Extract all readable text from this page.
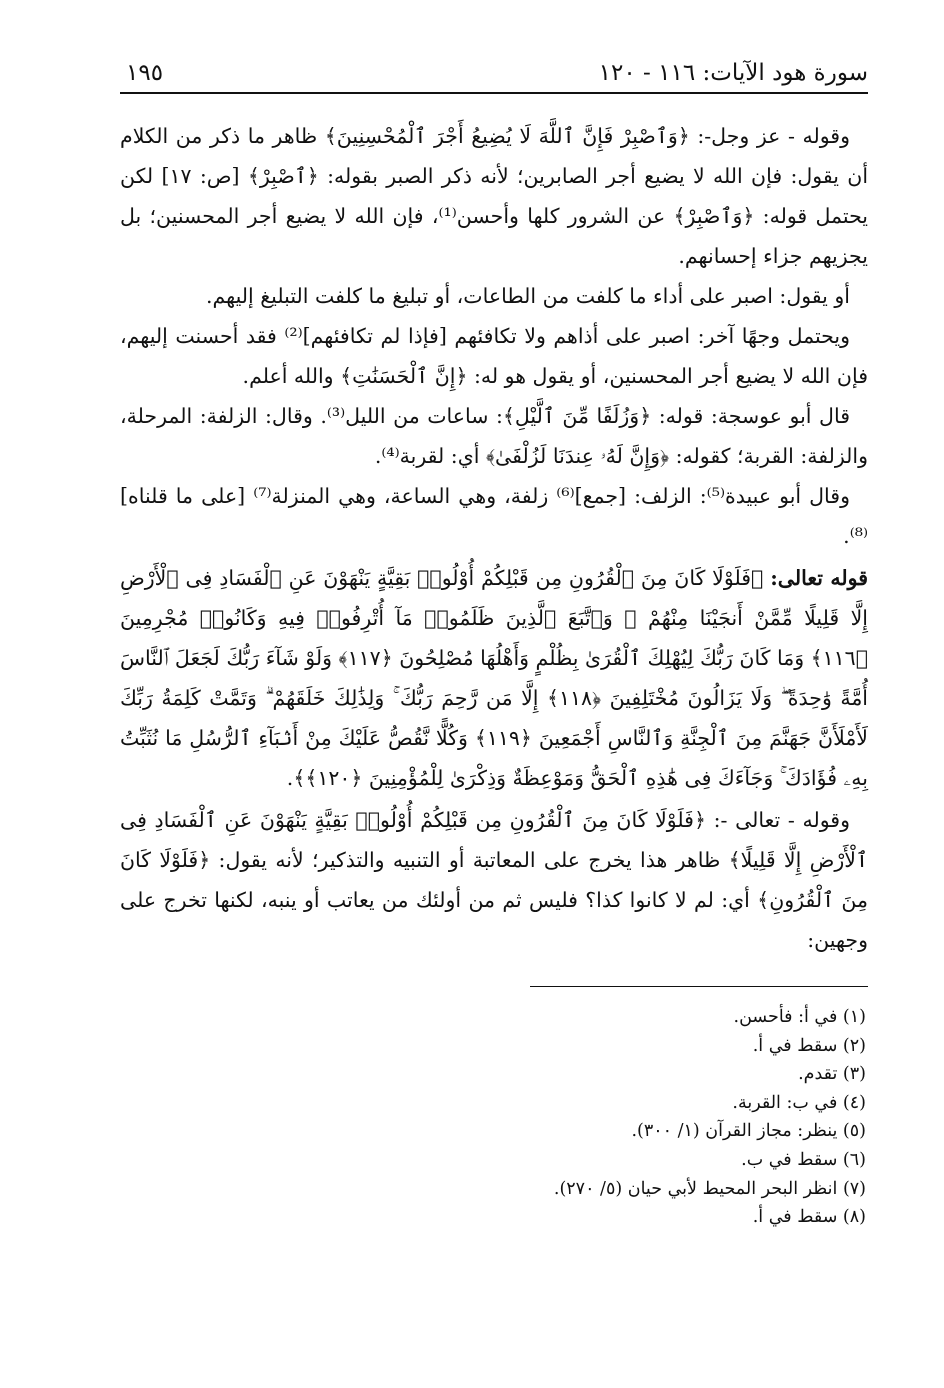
سورة هود الآيات: ١١٦ - ١٢٠
١٩٥

وقوله - عز وجل-: ﴿وَٱصْبِرْ فَإِنَّ ٱللَّهَ لَا يُضِيعُ أَجْرَ ٱلْمُحْسِنِينَ﴾ ظاهر ما ذكر من الكلام أن يقول: فإن الله لا يضيع أجر الصابرين؛ لأنه ذكر الصبر بقوله: ﴿ٱصْبِرْ﴾ [ص: ١٧] لكن يحتمل قوله: ﴿وَٱصْبِرْ﴾ عن الشرور كلها وأحسن⁽¹⁾، فإن الله لا يضيع أجر المحسنين؛ بل يجزيهم جزاء إحسانهم.

أو يقول: اصبر على أداء ما كلفت من الطاعات، أو تبليغ ما كلفت التبليغ إليهم.

ويحتمل وجهًا آخر: اصبر على أذاهم ولا تكافئهم [فإذا لم تكافئهم]⁽²⁾ فقد أحسنت إليهم، فإن الله لا يضيع أجر المحسنين، أو يقول هو له: ﴿إِنَّ ٱلْحَسَنَٰتِ﴾ والله أعلم.

قال أبو عوسجة: قوله: ﴿وَزُلَفًا مِّنَ ٱلَّيْلِ﴾: ساعات من الليل⁽³⁾. وقال: الزلفة: المرحلة، والزلفة: القربة؛ كقوله: ﴿وَإِنَّ لَهُۥ عِندَنَا لَزُلْفَىٰ﴾ أي: لقربة⁽⁴⁾.

وقال أبو عبيدة⁽⁵⁾: الزلف: [جمع]⁽⁶⁾ زلفة، وهي الساعة، وهي المنزلة⁽⁷⁾ [على ما قلناه]⁽⁸⁾.

قوله تعالى: ﴿فَلَوْلَا كَانَ مِنَ ٱلْقُرُونِ مِن قَبْلِكُمْ أُوْلُوا۟ بَقِيَّةٍ يَنْهَوْنَ عَنِ ٱلْفَسَادِ فِى ٱلْأَرْضِ إِلَّا قَلِيلًا مِّمَّنْ أَنجَيْنَا مِنْهُمْ ۗ وَٱتَّبَعَ ٱلَّذِينَ ظَلَمُوا۟ مَآ أُتْرِفُوا۟ فِيهِ وَكَانُوا۟ مُجْرِمِينَ ﴿١١٦﴾ وَمَا كَانَ رَبُّكَ لِيُهْلِكَ ٱلْقُرَىٰ بِظُلْمٍ وَأَهْلُهَا مُصْلِحُونَ ﴿١١٧﴾ وَلَوْ شَآءَ رَبُّكَ لَجَعَلَ ٱلنَّاسَ أُمَّةً وَٰحِدَةً ۖ وَلَا يَزَالُونَ مُخْتَلِفِينَ ﴿١١٨﴾ إِلَّا مَن رَّحِمَ رَبُّكَ ۚ وَلِذَٰلِكَ خَلَقَهُمْ ۗ وَتَمَّتْ كَلِمَةُ رَبِّكَ لَأَمْلَأَنَّ جَهَنَّمَ مِنَ ٱلْجِنَّةِ وَٱلنَّاسِ أَجْمَعِينَ ﴿١١٩﴾ وَكُلًّا نَّقُصُّ عَلَيْكَ مِنْ أَنۢبَآءِ ٱلرُّسُلِ مَا نُثَبِّتُ بِهِۦ فُؤَادَكَ ۚ وَجَآءَكَ فِى هَٰذِهِ ٱلْحَقُّ وَمَوْعِظَةٌ وَذِكْرَىٰ لِلْمُؤْمِنِينَ ﴿١٢٠﴾﴾.

وقوله - تعالى -: ﴿فَلَوْلَا كَانَ مِنَ ٱلْقُرُونِ مِن قَبْلِكُمْ أُوْلُوا۟ بَقِيَّةٍ يَنْهَوْنَ عَنِ ٱلْفَسَادِ فِى ٱلْأَرْضِ إِلَّا قَلِيلًا﴾ ظاهر هذا يخرج على المعاتبة أو التنبيه والتذكير؛ لأنه يقول: ﴿فَلَوْلَا كَانَ مِنَ ٱلْقُرُونِ﴾ أي: لم لا كانوا كذا؟ فليس ثم من أولئك من يعاتب أو ينبه، لكنها تخرج على وجهين:

(١) في أ: فأحسن.
(٢) سقط في أ.
(٣) تقدم.
(٤) في ب: القربة.
(٥) ينظر: مجاز القرآن (١/ ٣٠٠).
(٦) سقط في ب.
(٧) انظر البحر المحيط لأبي حيان (٥/ ٢٧٠).
(٨) سقط في أ.
